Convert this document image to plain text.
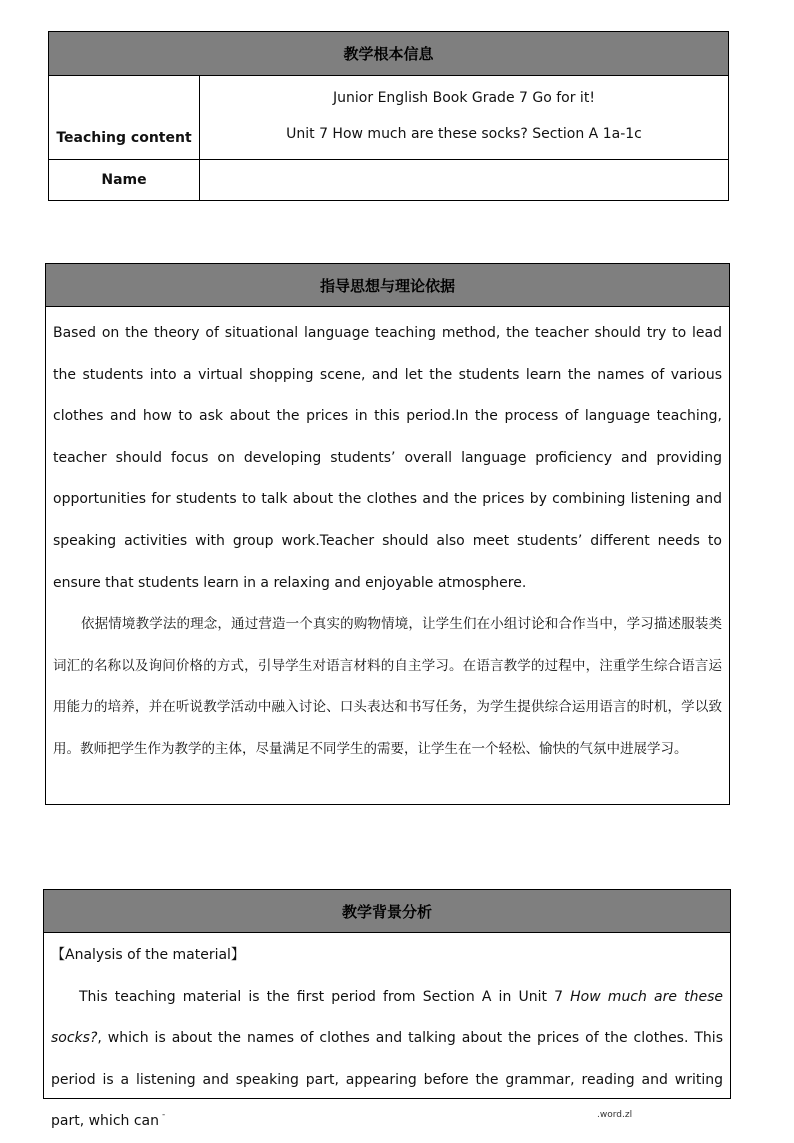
教学根本信息
Teaching content

Junior English Book Grade 7 Go for it!

Unit 7 How much are these socks? Section A 1a-1c

Name
指导思想与理论依据

Based on the theory of situational language teaching method, the teacher should try to lead the students into a virtual shopping scene, and let the students learn the names of various clothes and how to ask about the prices in this period.In the process of language teaching, teacher should focus on developing students’ overall language proficiency and providing opportunities for students to talk about the clothes and the prices by combining listening and speaking activities with group work.Teacher should also meet students’ different needs to ensure that students learn in a relaxing and enjoyable atmosphere.

依据情境教学法的理念，通过营造一个真实的购物情境，让学生们在小组讨论和合作当中，学习描述服装类词汇的名称以及询问价格的方式，引导学生对语言材料的自主学习。在语言教学的过程中，注重学生综合语言运用能力的培养，并在听说教学活动中融入讨论、口头表达和书写任务，为学生提供综合运用语言的时机，学以致用。教师把学生作为教学的主体，尽量满足不同学生的需要，让学生在一个轻松、愉快的气氛中进展学习。

教学背景分析

【Analysis of the material】

This teaching material is the first period from Section A in Unit 7 How much are these socks?, which is about the names of clothes and talking about the prices of the clothes. This period is a listening and speaking part, appearing before the grammar, reading and writing part, which can -	.word.zl
